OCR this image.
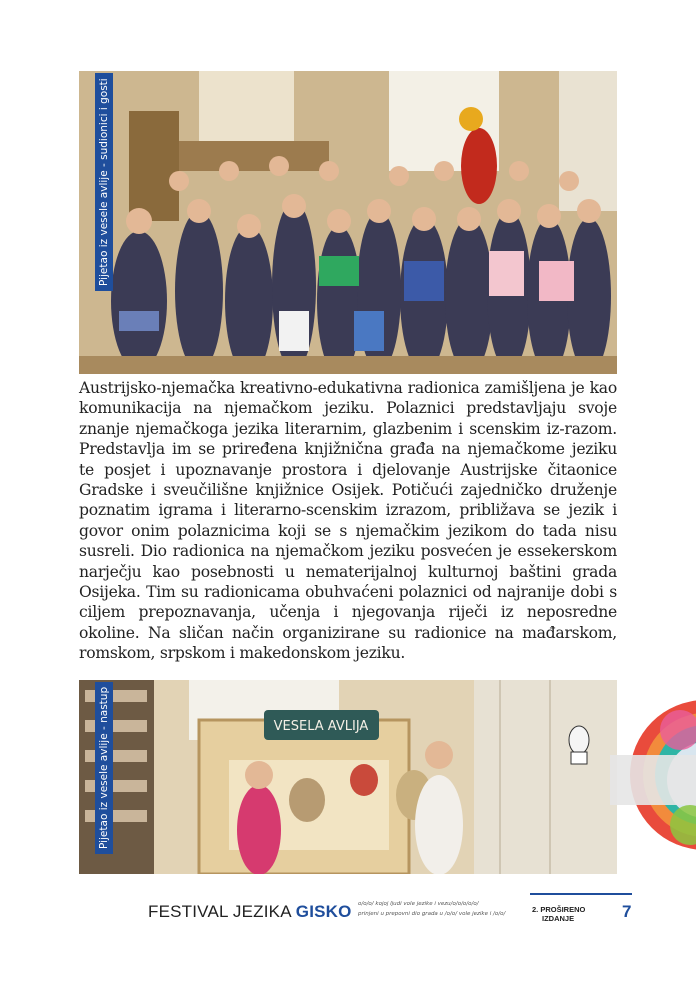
Pijetao iz vesele avlije - sudionici i gosti
Austrijsko-njemačka kreativno-edukativna radionica zamišljena je kao komunikacija na njemačkom jeziku. Polaznici predstavljaju svoje znanje njemačkoga jezika literarnim, glazbenim i scenskim iz-razom. Predstavlja im se priređena knjižnična građa na njemačkome jeziku te posjet i upoznavanje prostora i djelovanje Austrijske čitaonice Gradske i sveučilišne knjižnice Osijek. Potičući zajedničko druženje poznatim igrama i literarno-scenskim izrazom, približava se jezik i govor onim polaznicima koji se s njemačkim jezikom do tada nisu susreli. Dio radionica na njemačkom jeziku posvećen je essekerskom narječju kao posebnosti u nematerijalnoj kulturnoj baštini grada Osijeka. Tim su radionicama obuhvaćeni polaznici od najranije dobi s ciljem prepoznavanja, učenja i njegovanja riječi iz neposredne okoline. Na sličan način organizirane su radionice na mađarskom, romskom, srpskom i makedonskom jeziku.
VESELA AVLIJA
Pijetao iz vesele avlije - nastup
FESTIVAL JEZIKA GISKO o/o/o/ kojoj ljudi vole jezike i vezu/o/o/o/o/o/
prinjeni u prepovni dio grada u /o/o/ vole jezike i /o/o/	2. PROŠIRENO
IZDANJE	7
